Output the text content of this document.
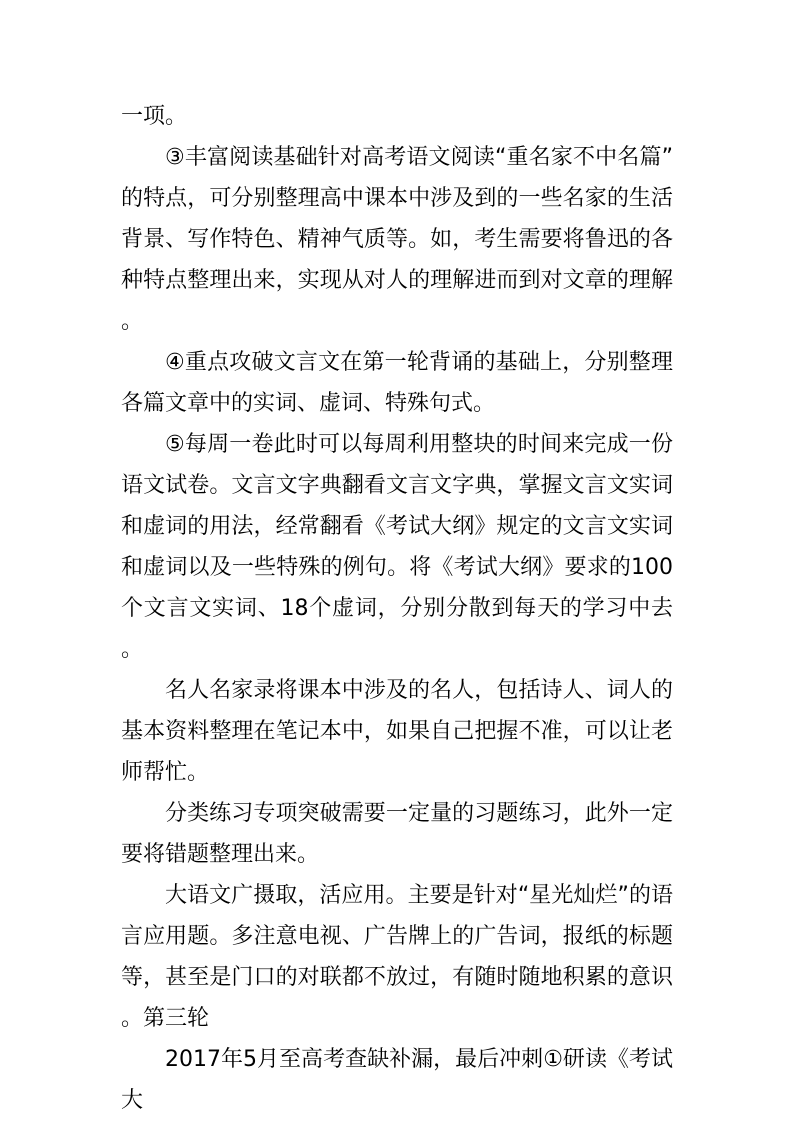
一项。

③丰富阅读基础针对高考语文阅读“重名家不中名篇”的特点，可分别整理高中课本中涉及到的一些名家的生活背景、写作特色、精神气质等。如，考生需要将鲁迅的各种特点整理出来，实现从对人的理解进而到对文章的理解。

④重点攻破文言文在第一轮背诵的基础上，分别整理各篇文章中的实词、虚词、特殊句式。

⑤每周一卷此时可以每周利用整块的时间来完成一份语文试卷。文言文字典翻看文言文字典，掌握文言文实词和虚词的用法，经常翻看《考试大纲》规定的文言文实词和虚词以及一些特殊的例句。将《考试大纲》要求的100个文言文实词、18个虚词，分别分散到每天的学习中去。

名人名家录将课本中涉及的名人，包括诗人、词人的基本资料整理在笔记本中，如果自己把握不准，可以让老师帮忙。

分类练习专项突破需要一定量的习题练习，此外一定要将错题整理出来。

大语文广摄取，活应用。主要是针对“星光灿烂”的语言应用题。多注意电视、广告牌上的广告词，报纸的标题等，甚至是门口的对联都不放过，有随时随地积累的意识。第三轮

2017年5月至高考查缺补漏，最后冲刺①研读《考试大
